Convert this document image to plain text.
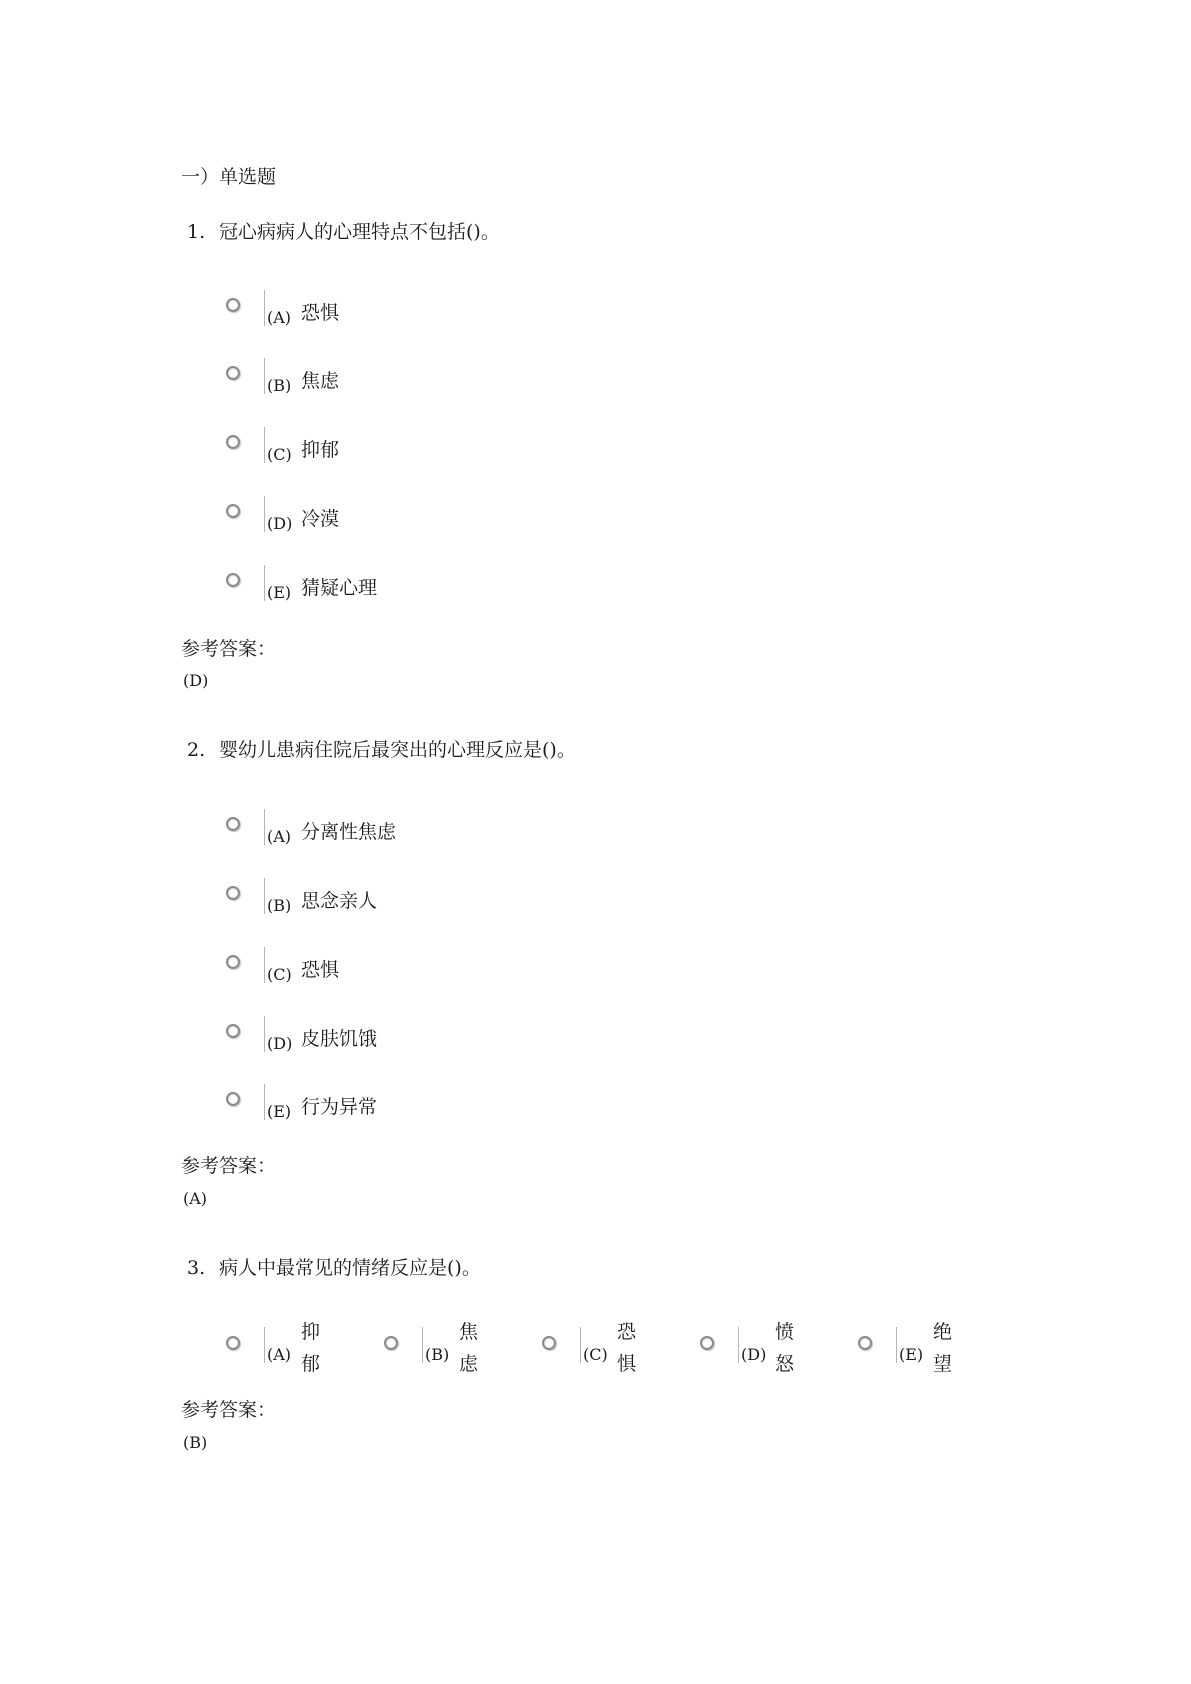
一）单选题
1. 冠心病病人的心理特点不包括()。
(A) 恐惧
(B) 焦虑
(C) 抑郁
(D) 冷漠
(E) 猜疑心理
参考答案：
(D)
2. 婴幼儿患病住院后最突出的心理反应是()。
(A) 分离性焦虑
(B) 思念亲人
(C) 恐惧
(D) 皮肤饥饿
(E) 行为异常
参考答案：
(A)
3. 病人中最常见的情绪反应是()。
(A)
抑
郁	(B)
焦
虑	(C)
恐
惧	(D)
愤
怒	(E)
绝
望
参考答案：
(B)
